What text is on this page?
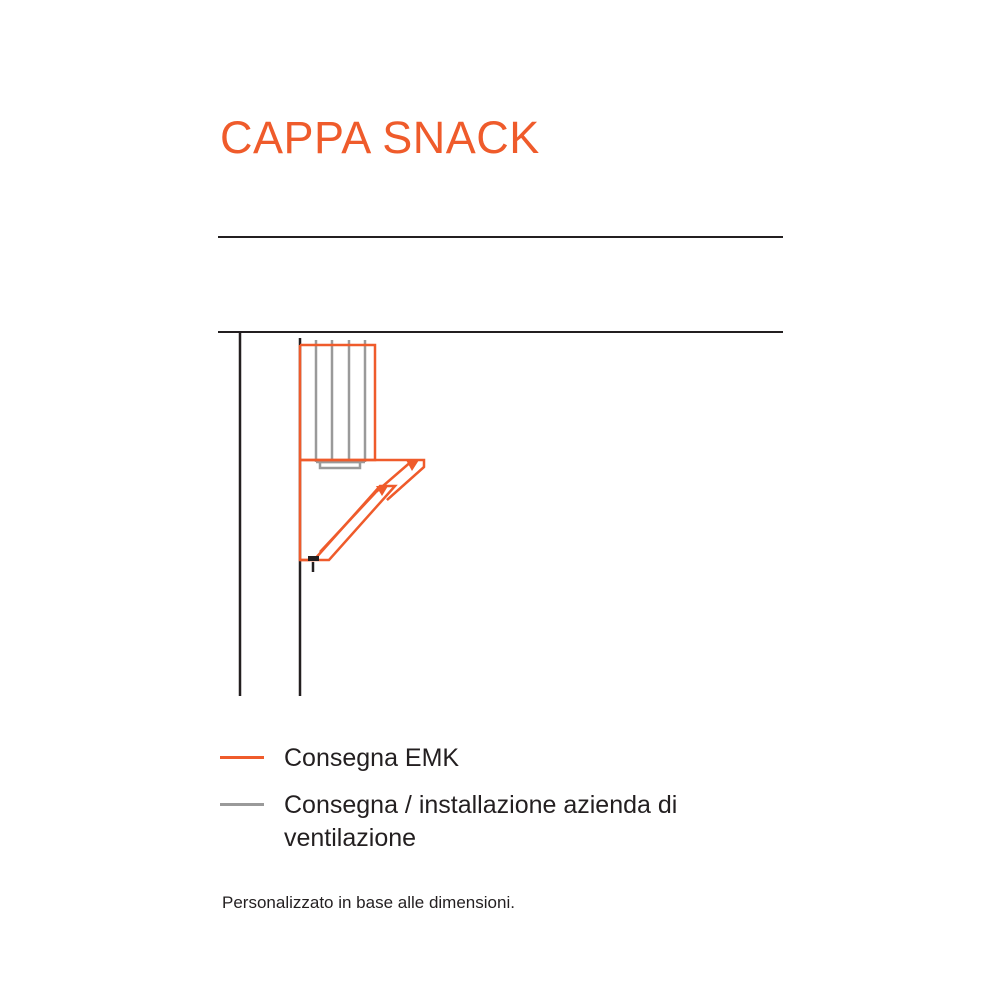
CAPPA SNACK
Consegna EMK
Consegna / installazione azienda di ventilazione
Personalizzato in base alle dimensioni.
